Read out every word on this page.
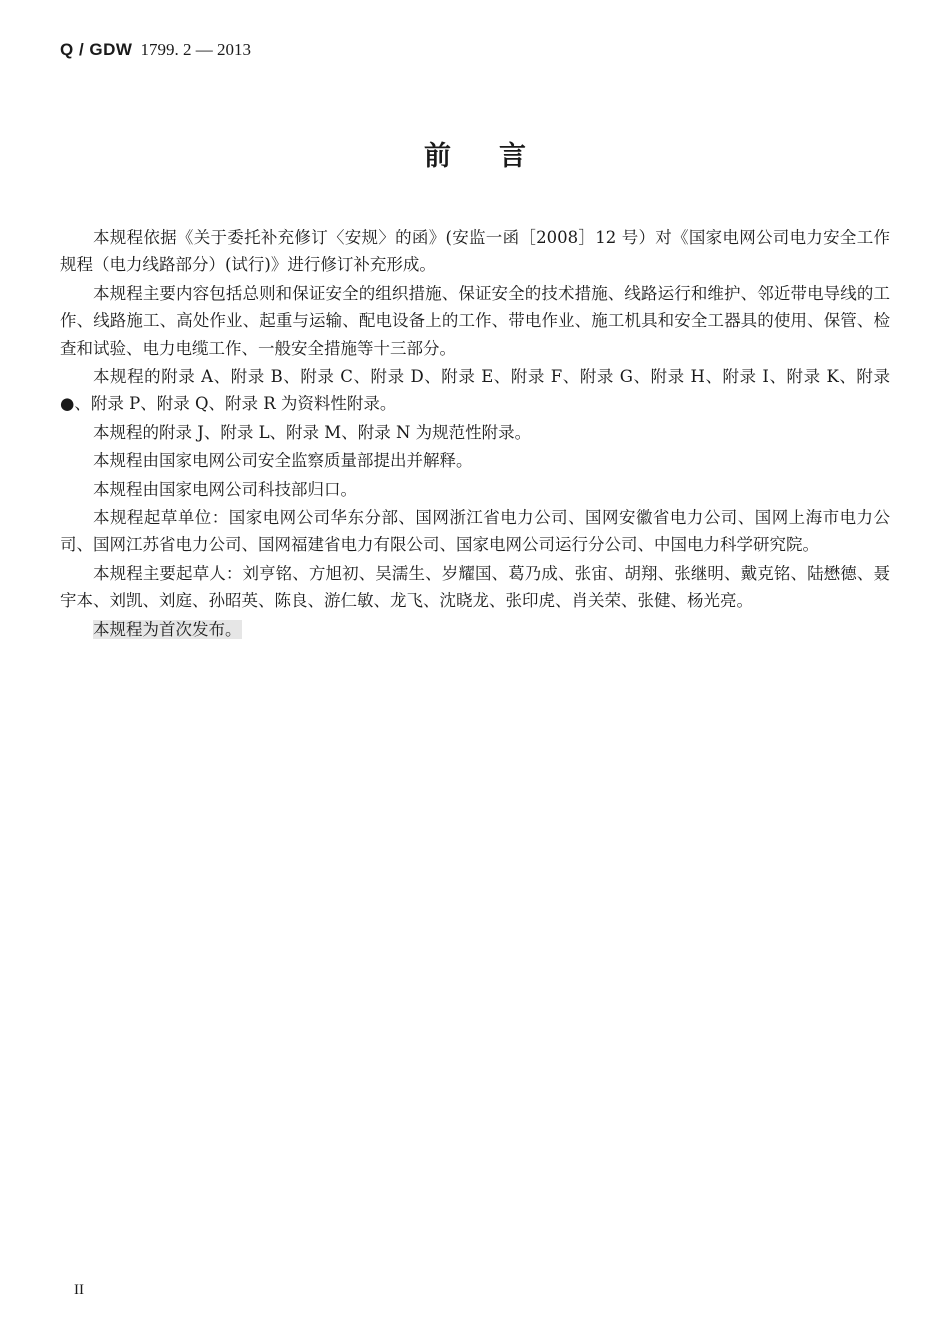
Q / GDW 1799. 2 — 2013
前言

本规程依据《关于委托补充修订〈安规〉的函》(安监一函［2008］12 号）对《国家电网公司电力安全工作规程（电力线路部分）(试行)》进行修订补充形成。

本规程主要内容包括总则和保证安全的组织措施、保证安全的技术措施、线路运行和维护、邻近带电导线的工作、线路施工、高处作业、起重与运输、配电设备上的工作、带电作业、施工机具和安全工器具的使用、保管、检查和试验、电力电缆工作、一般安全措施等十三部分。

本规程的附录 A、附录 B、附录 C、附录 D、附录 E、附录 F、附录 G、附录 H、附录 I、附录 K、附录 ●、附录 P、附录 Q、附录 R 为资料性附录。

本规程的附录 J、附录 L、附录 M、附录 N 为规范性附录。

本规程由国家电网公司安全监察质量部提出并解释。

本规程由国家电网公司科技部归口。

本规程起草单位：国家电网公司华东分部、国网浙江省电力公司、国网安徽省电力公司、国网上海市电力公司、国网江苏省电力公司、国网福建省电力有限公司、国家电网公司运行分公司、中国电力科学研究院。

本规程主要起草人：刘亨铭、方旭初、吴濡生、岁耀国、葛乃成、张宙、胡翔、张继明、戴克铭、陆懋德、聂宇本、刘凯、刘庭、孙昭英、陈良、游仁敏、龙飞、沈晓龙、张印虎、肖关荣、张健、杨光亮。

本规程为首次发布。

II
